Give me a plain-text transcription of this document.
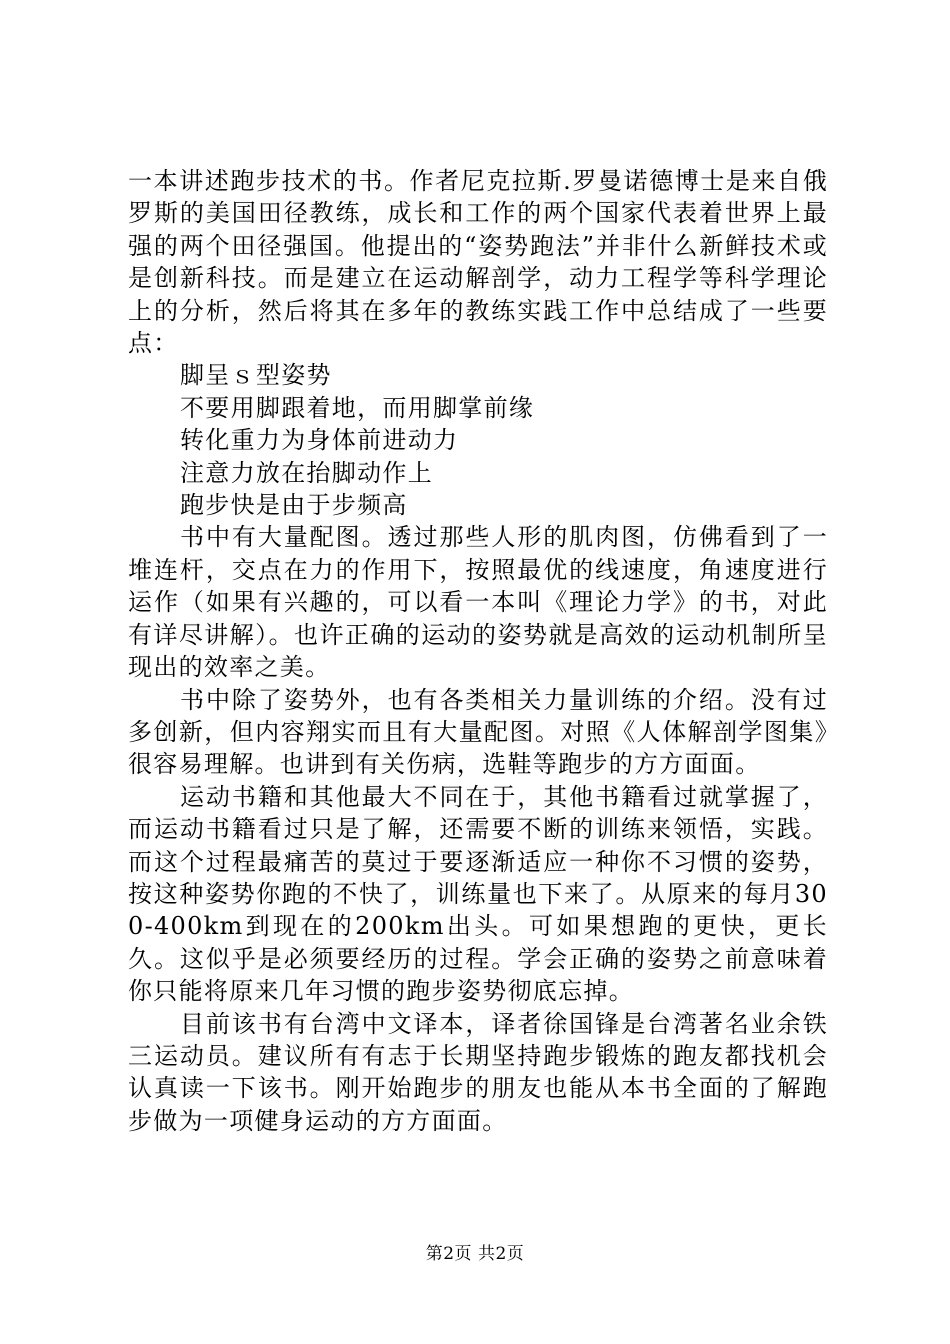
一本讲述跑步技术的书。作者尼克拉斯.罗曼诺德博士是来自俄罗斯的美国田径教练，成长和工作的两个国家代表着世界上最强的两个田径强国。他提出的“姿势跑法”并非什么新鲜技术或是创新科技。而是建立在运动解剖学，动力工程学等科学理论上的分析，然后将其在多年的教练实践工作中总结成了一些要点：

脚呈ｓ型姿势

不要用脚跟着地，而用脚掌前缘

转化重力为身体前进动力

注意力放在抬脚动作上

跑步快是由于步频高

书中有大量配图。透过那些人形的肌肉图，仿佛看到了一堆连杆，交点在力的作用下，按照最优的线速度，角速度进行运作（如果有兴趣的，可以看一本叫《理论力学》的书，对此有详尽讲解）。也许正确的运动的姿势就是高效的运动机制所呈现出的效率之美。

书中除了姿势外，也有各类相关力量训练的介绍。没有过多创新，但内容翔实而且有大量配图。对照《人体解剖学图集》很容易理解。也讲到有关伤病，选鞋等跑步的方方面面。

运动书籍和其他最大不同在于，其他书籍看过就掌握了，而运动书籍看过只是了解，还需要不断的训练来领悟，实践。而这个过程最痛苦的莫过于要逐渐适应一种你不习惯的姿势，按这种姿势你跑的不快了，训练量也下来了。从原来的每月300-400km到现在的200km出头。可如果想跑的更快，更长久。这似乎是必须要经历的过程。学会正确的姿势之前意味着你只能将原来几年习惯的跑步姿势彻底忘掉。

目前该书有台湾中文译本，译者徐国锋是台湾著名业余铁三运动员。建议所有有志于长期坚持跑步锻炼的跑友都找机会认真读一下该书。刚开始跑步的朋友也能从本书全面的了解跑步做为一项健身运动的方方面面。

第2页 共2页
